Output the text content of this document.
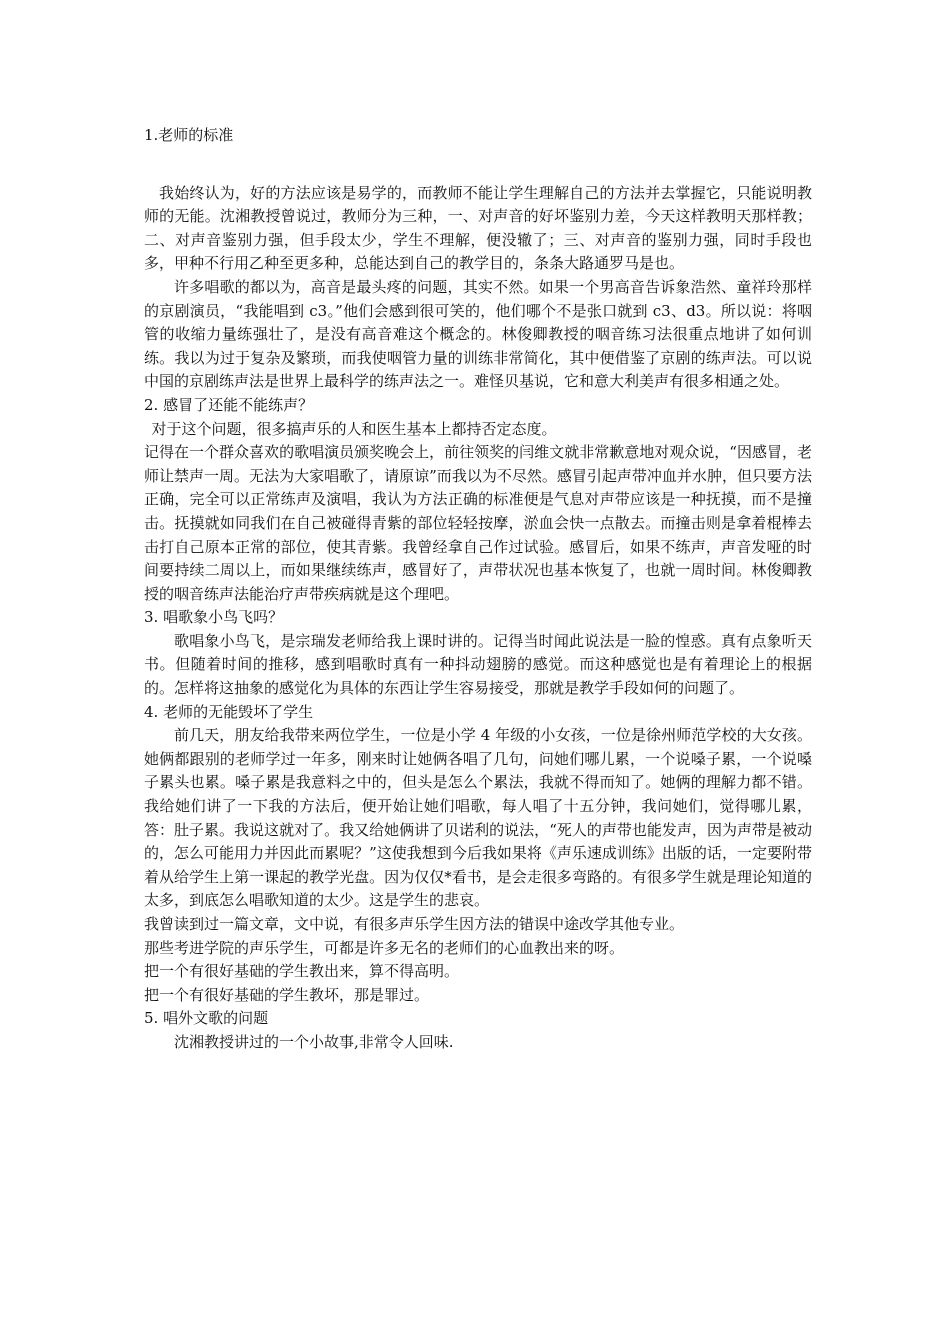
1.老师的标准

我始终认为，好的方法应该是易学的，而教师不能让学生理解自己的方法并去掌握它，只能说明教师的无能。沈湘教授曾说过，教师分为三种，一、对声音的好坏鉴别力差，今天这样教明天那样教；二、对声音鉴别力强，但手段太少，学生不理解，便没辙了；三、对声音的鉴别力强，同时手段也多，甲种不行用乙种至更多种，总能达到自己的教学目的，条条大路通罗马是也。

许多唱歌的都以为，高音是最头疼的问题，其实不然。如果一个男高音告诉象浩然、童祥玲那样的京剧演员，“我能唱到 c3。”他们会感到很可笑的，他们哪个不是张口就到 c3、d3。所以说：将咽管的收缩力量练强壮了，是没有高音难这个概念的。林俊卿教授的咽音练习法很重点地讲了如何训练。我以为过于复杂及繁琐，而我使咽管力量的训练非常简化，其中便借鉴了京剧的练声法。可以说中国的京剧练声法是世界上最科学的练声法之一。难怪贝基说，它和意大利美声有很多相通之处。

2. 感冒了还能不能练声？

对于这个问题，很多搞声乐的人和医生基本上都持否定态度。

记得在一个群众喜欢的歌唱演员颁奖晚会上，前往领奖的闫维文就非常歉意地对观众说，“因感冒，老师让禁声一周。无法为大家唱歌了，请原谅”而我以为不尽然。感冒引起声带冲血并水肿，但只要方法正确，完全可以正常练声及演唱，我认为方法正确的标准便是气息对声带应该是一种抚摸，而不是撞击。抚摸就如同我们在自己被碰得青紫的部位轻轻按摩，淤血会快一点散去。而撞击则是拿着棍棒去击打自己原本正常的部位，使其青紫。我曾经拿自己作过试验。感冒后，如果不练声，声音发哑的时间要持续二周以上，而如果继续练声，感冒好了，声带状况也基本恢复了，也就一周时间。林俊卿教授的咽音练声法能治疗声带疾病就是这个理吧。

3. 唱歌象小鸟飞吗？

歌唱象小鸟飞，是宗瑞发老师给我上课时讲的。记得当时闻此说法是一脸的惶惑。真有点象听天书。但随着时间的推移，感到唱歌时真有一种抖动翅膀的感觉。而这种感觉也是有着理论上的根据的。怎样将这抽象的感觉化为具体的东西让学生容易接受，那就是教学手段如何的问题了。

4. 老师的无能毁坏了学生

前几天，朋友给我带来两位学生，一位是小学 4 年级的小女孩，一位是徐州师范学校的大女孩。她俩都跟别的老师学过一年多，刚来时让她俩各唱了几句，问她们哪儿累，一个说嗓子累，一个说嗓子累头也累。嗓子累是我意料之中的，但头是怎么个累法，我就不得而知了。她俩的理解力都不错。我给她们讲了一下我的方法后，便开始让她们唱歌，每人唱了十五分钟，我问她们，觉得哪儿累，答：肚子累。我说这就对了。我又给她俩讲了贝诺利的说法，“死人的声带也能发声，因为声带是被动的，怎么可能用力并因此而累呢？”这使我想到今后我如果将《声乐速成训练》出版的话，一定要附带着从给学生上第一课起的教学光盘。因为仅仅*看书，是会走很多弯路的。有很多学生就是理论知道的太多，到底怎么唱歌知道的太少。这是学生的悲哀。

我曾读到过一篇文章，文中说，有很多声乐学生因方法的错误中途改学其他专业。

那些考进学院的声乐学生，可都是许多无名的老师们的心血教出来的呀。

把一个有很好基础的学生教出来，算不得高明。

把一个有很好基础的学生教坏，那是罪过。

5. 唱外文歌的问题

沈湘教授讲过的一个小故事,非常令人回味.
